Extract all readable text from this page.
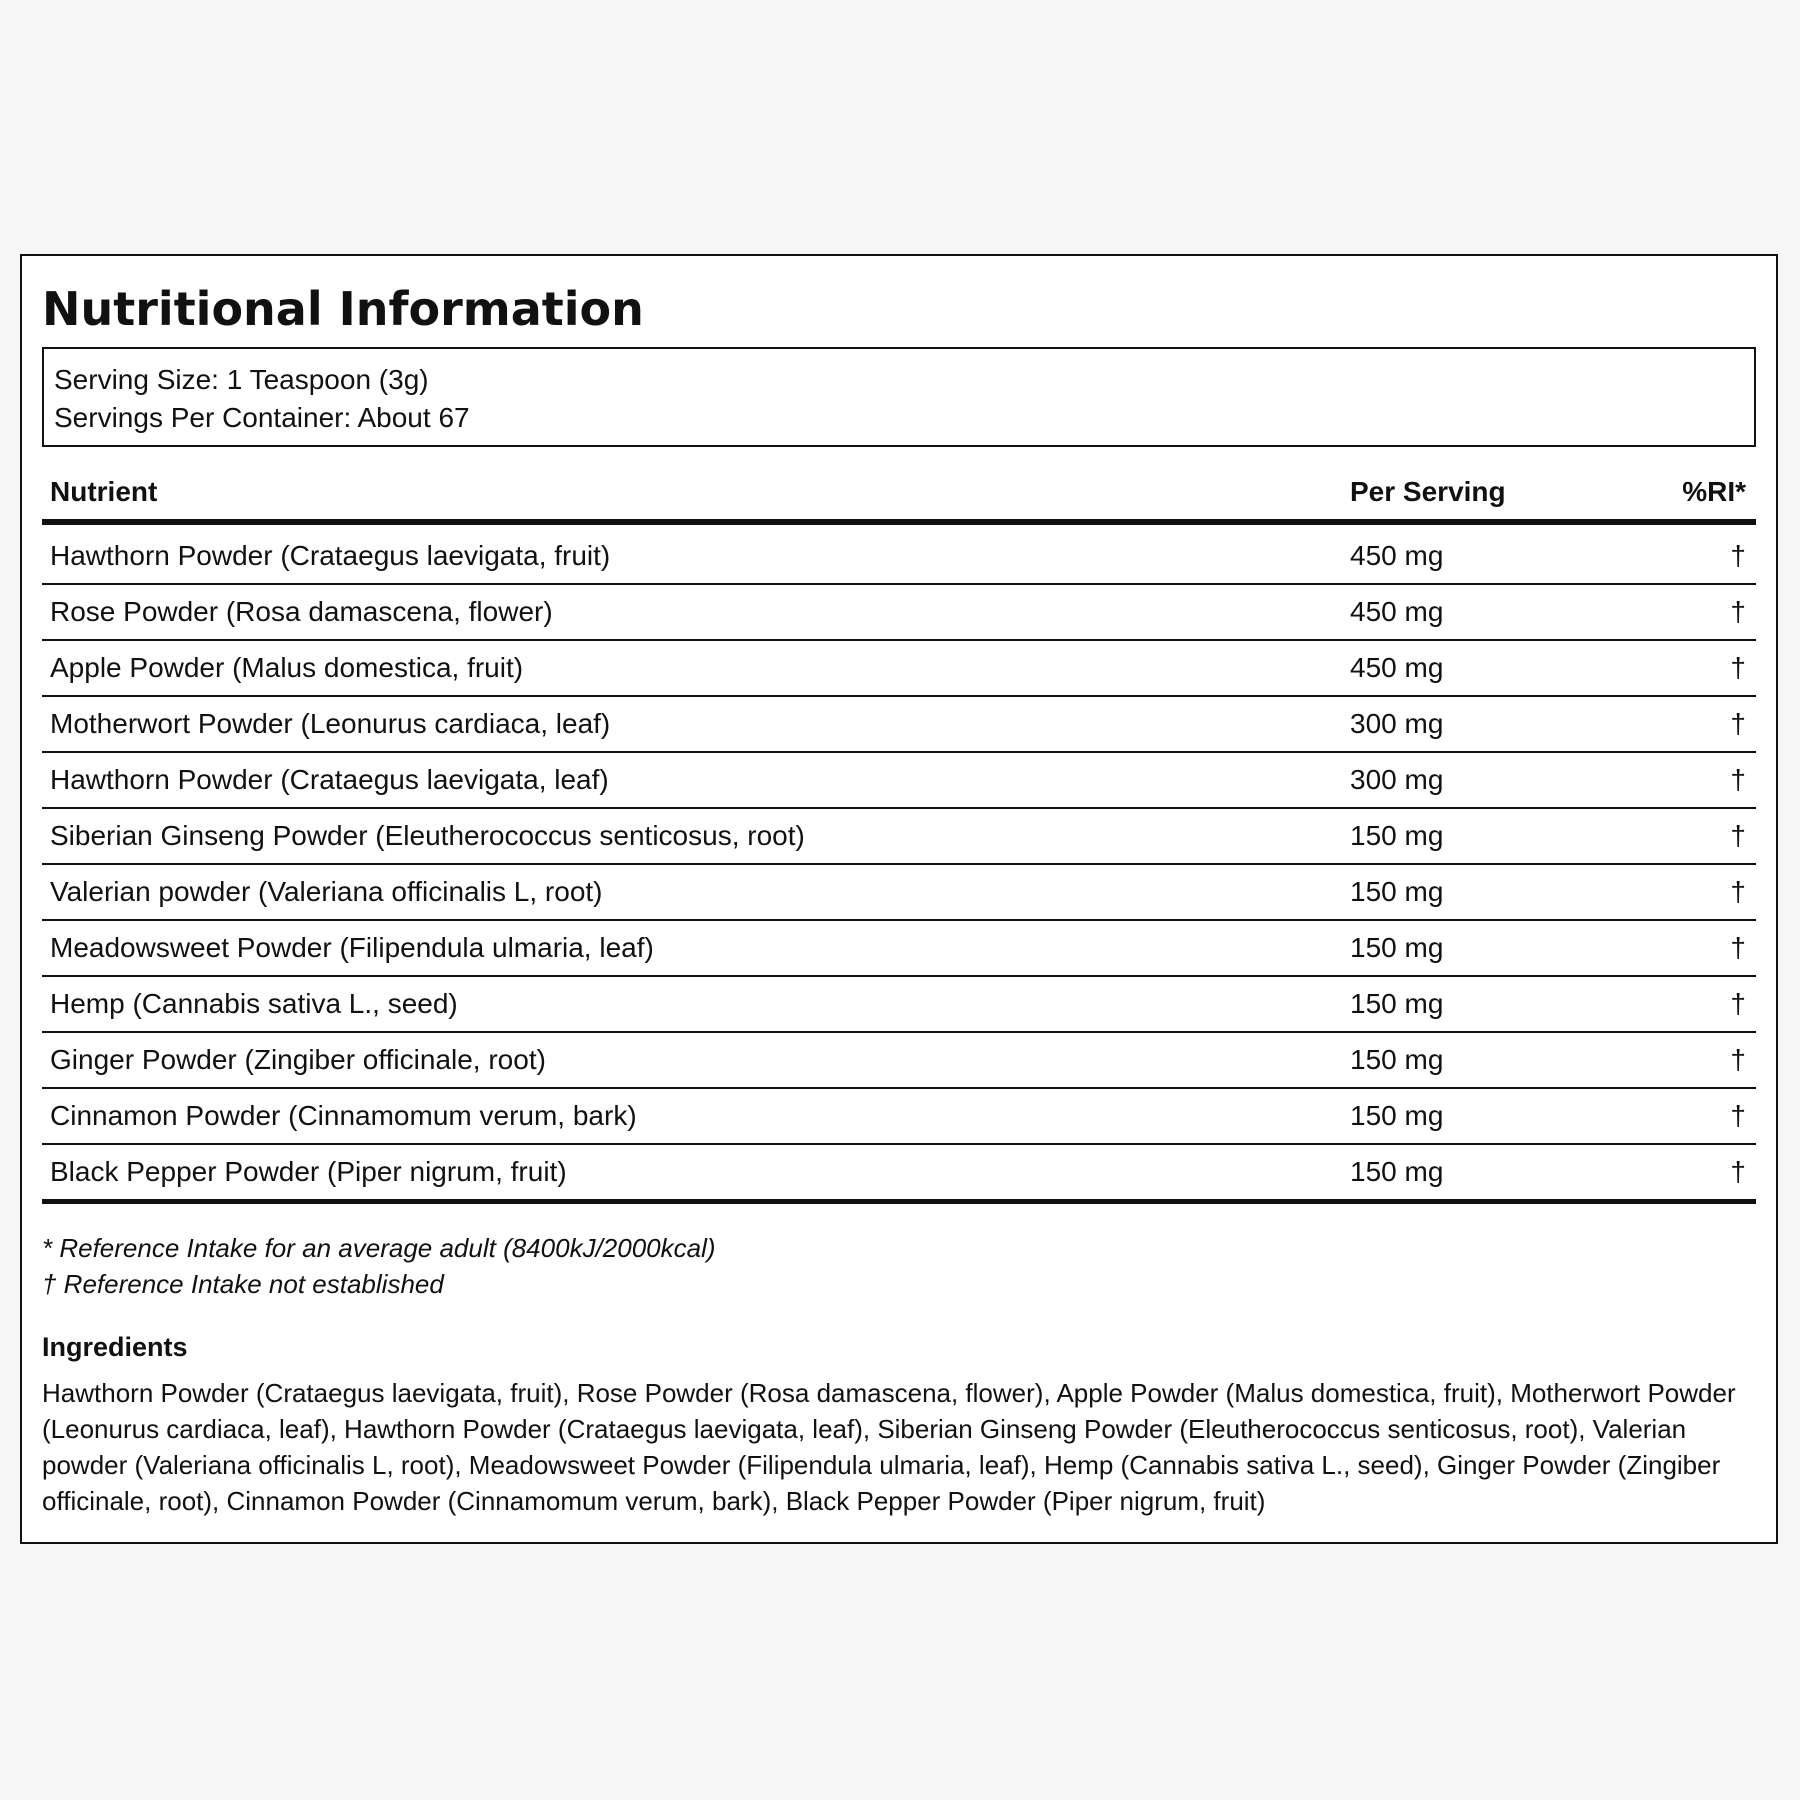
Nutritional Information
Serving Size: 1 Teaspoon (3g)
Servings Per Container: About 67
Nutrient	Per Serving	%RI*
Hawthorn Powder (Crataegus laevigata, fruit)	450 mg	†
Rose Powder (Rosa damascena, flower)	450 mg	†
Apple Powder (Malus domestica, fruit)	450 mg	†
Motherwort Powder (Leonurus cardiaca, leaf)	300 mg	†
Hawthorn Powder (Crataegus laevigata, leaf)	300 mg	†
Siberian Ginseng Powder (Eleutherococcus senticosus, root)	150 mg	†
Valerian powder (Valeriana officinalis L, root)	150 mg	†
Meadowsweet Powder (Filipendula ulmaria, leaf)	150 mg	†
Hemp (Cannabis sativa L., seed)	150 mg	†
Ginger Powder (Zingiber officinale, root)	150 mg	†
Cinnamon Powder (Cinnamomum verum, bark)	150 mg	†
Black Pepper Powder (Piper nigrum, fruit)	150 mg	†
* Reference Intake for an average adult (8400kJ/2000kcal)
† Reference Intake not established
Ingredients
Hawthorn Powder (Crataegus laevigata, fruit), Rose Powder (Rosa damascena, flower), Apple Powder (Malus domestica, fruit), Motherwort Powder (Leonurus cardiaca, leaf), Hawthorn Powder (Crataegus laevigata, leaf), Siberian Ginseng Powder (Eleutherococcus senticosus, root), Valerian powder (Valeriana officinalis L, root), Meadowsweet Powder (Filipendula ulmaria, leaf), Hemp (Cannabis sativa L., seed), Ginger Powder (Zingiber officinale, root), Cinnamon Powder (Cinnamomum verum, bark), Black Pepper Powder (Piper nigrum, fruit)
